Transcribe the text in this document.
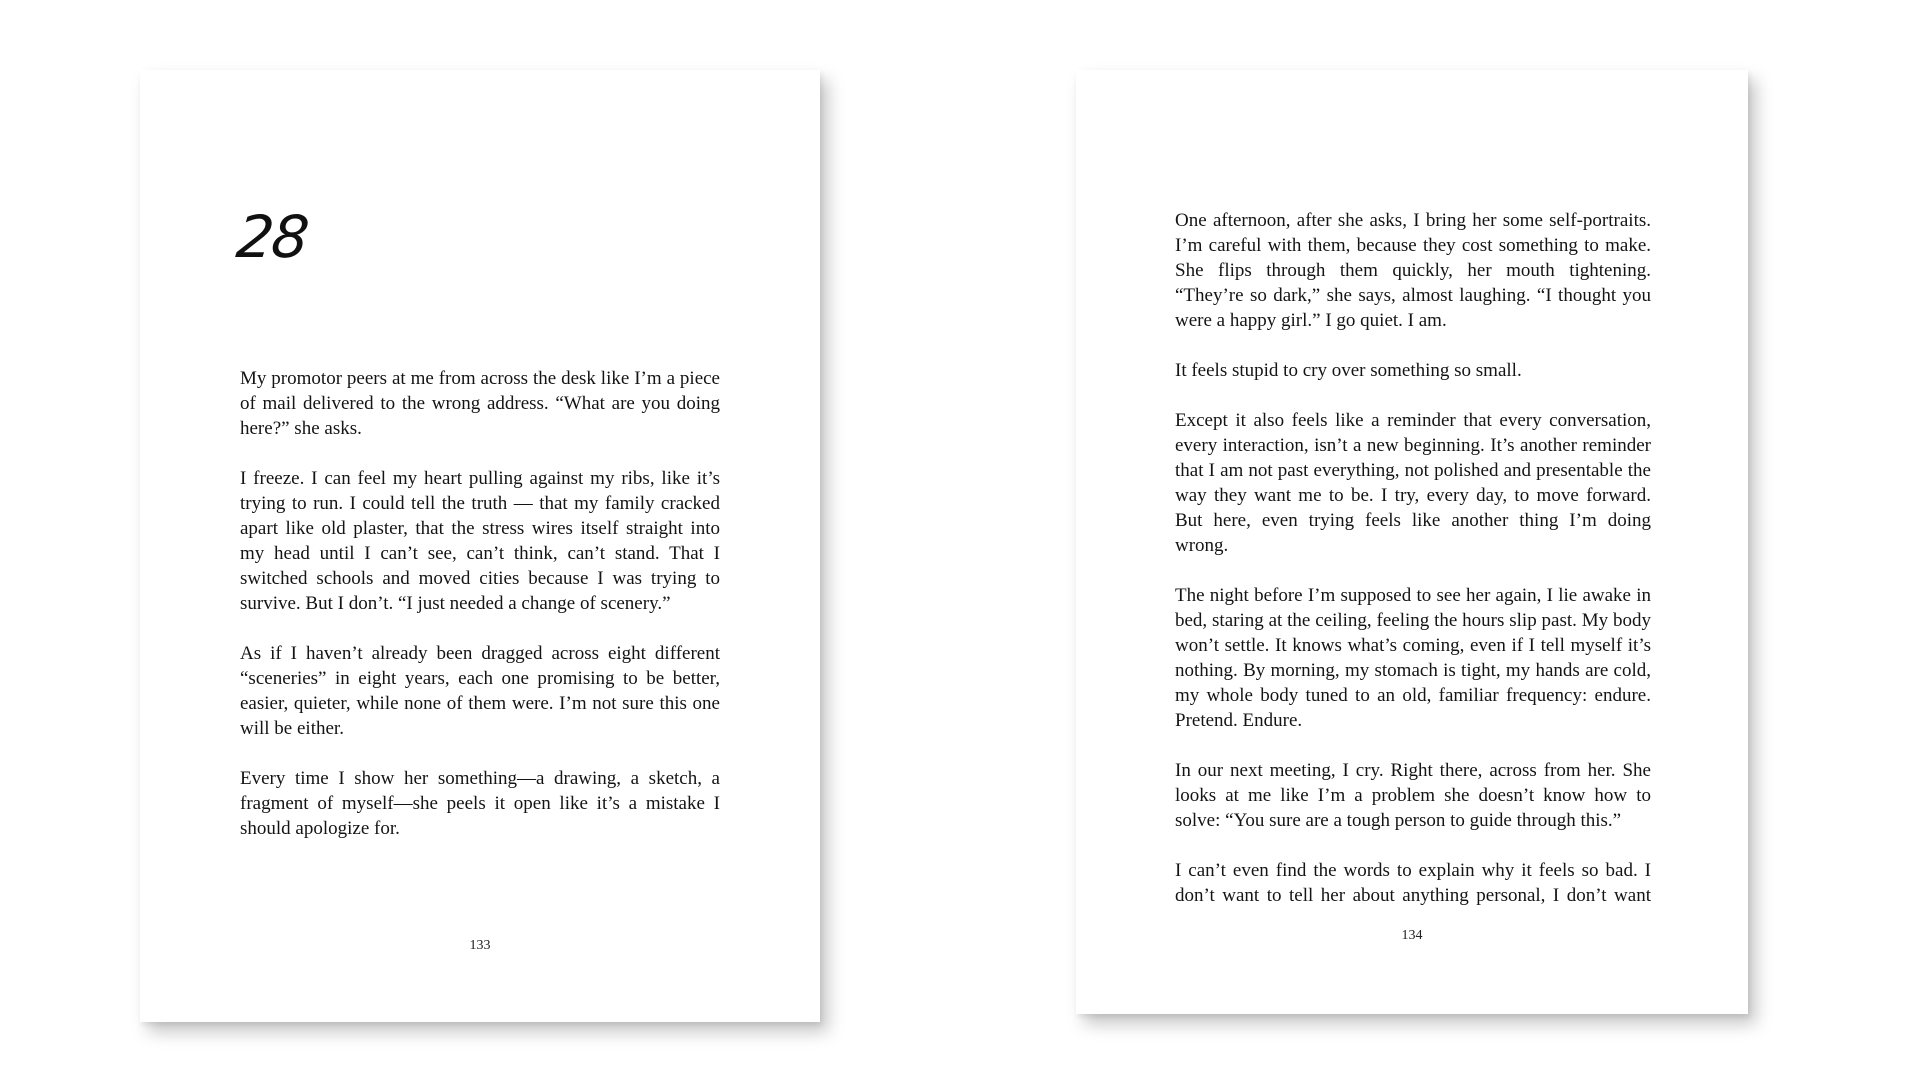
28

My promotor peers at me from across the desk like I’m a piece of mail delivered to the wrong address. “What are you doing here?” she asks.

I freeze. I can feel my heart pulling against my ribs, like it’s trying to run. I could tell the truth — that my family cracked apart like old plaster, that the stress wires itself straight into my head until I can’t see, can’t think, can’t stand. That I switched schools and moved cities because I was trying to survive. But I don’t. “I just needed a change of scenery.”

As if I haven’t already been dragged across eight different “sceneries” in eight years, each one promising to be better, easier, quieter, while none of them were. I’m not sure this one will be either.

Every time I show her something—a drawing, a sketch, a fragment of myself—she peels it open like it’s a mistake I should apologize for.

133

One afternoon, after she asks, I bring her some self-portraits. I’m careful with them, because they cost something to make. She flips through them quickly, her mouth tightening. “They’re so dark,” she says, almost laughing. “I thought you were a happy girl.” I go quiet. I am.

It feels stupid to cry over something so small.

Except it also feels like a reminder that every conversation, every interaction, isn’t a new beginning. It’s another reminder that I am not past everything, not polished and presentable the way they want me to be. I try, every day, to move forward. But here, even trying feels like another thing I’m doing wrong.

The night before I’m supposed to see her again, I lie awake in bed, staring at the ceiling, feeling the hours slip past. My body won’t settle. It knows what’s coming, even if I tell myself it’s nothing. By morning, my stomach is tight, my hands are cold, my whole body tuned to an old, familiar frequency: endure. Pretend. Endure.

In our next meeting, I cry. Right there, across from her. She looks at me like I’m a problem she doesn’t know how to solve: “You sure are a tough person to guide through this.”

I can’t even find the words to explain why it feels so bad. I don’t want to tell her about anything personal, I don’t want

134
